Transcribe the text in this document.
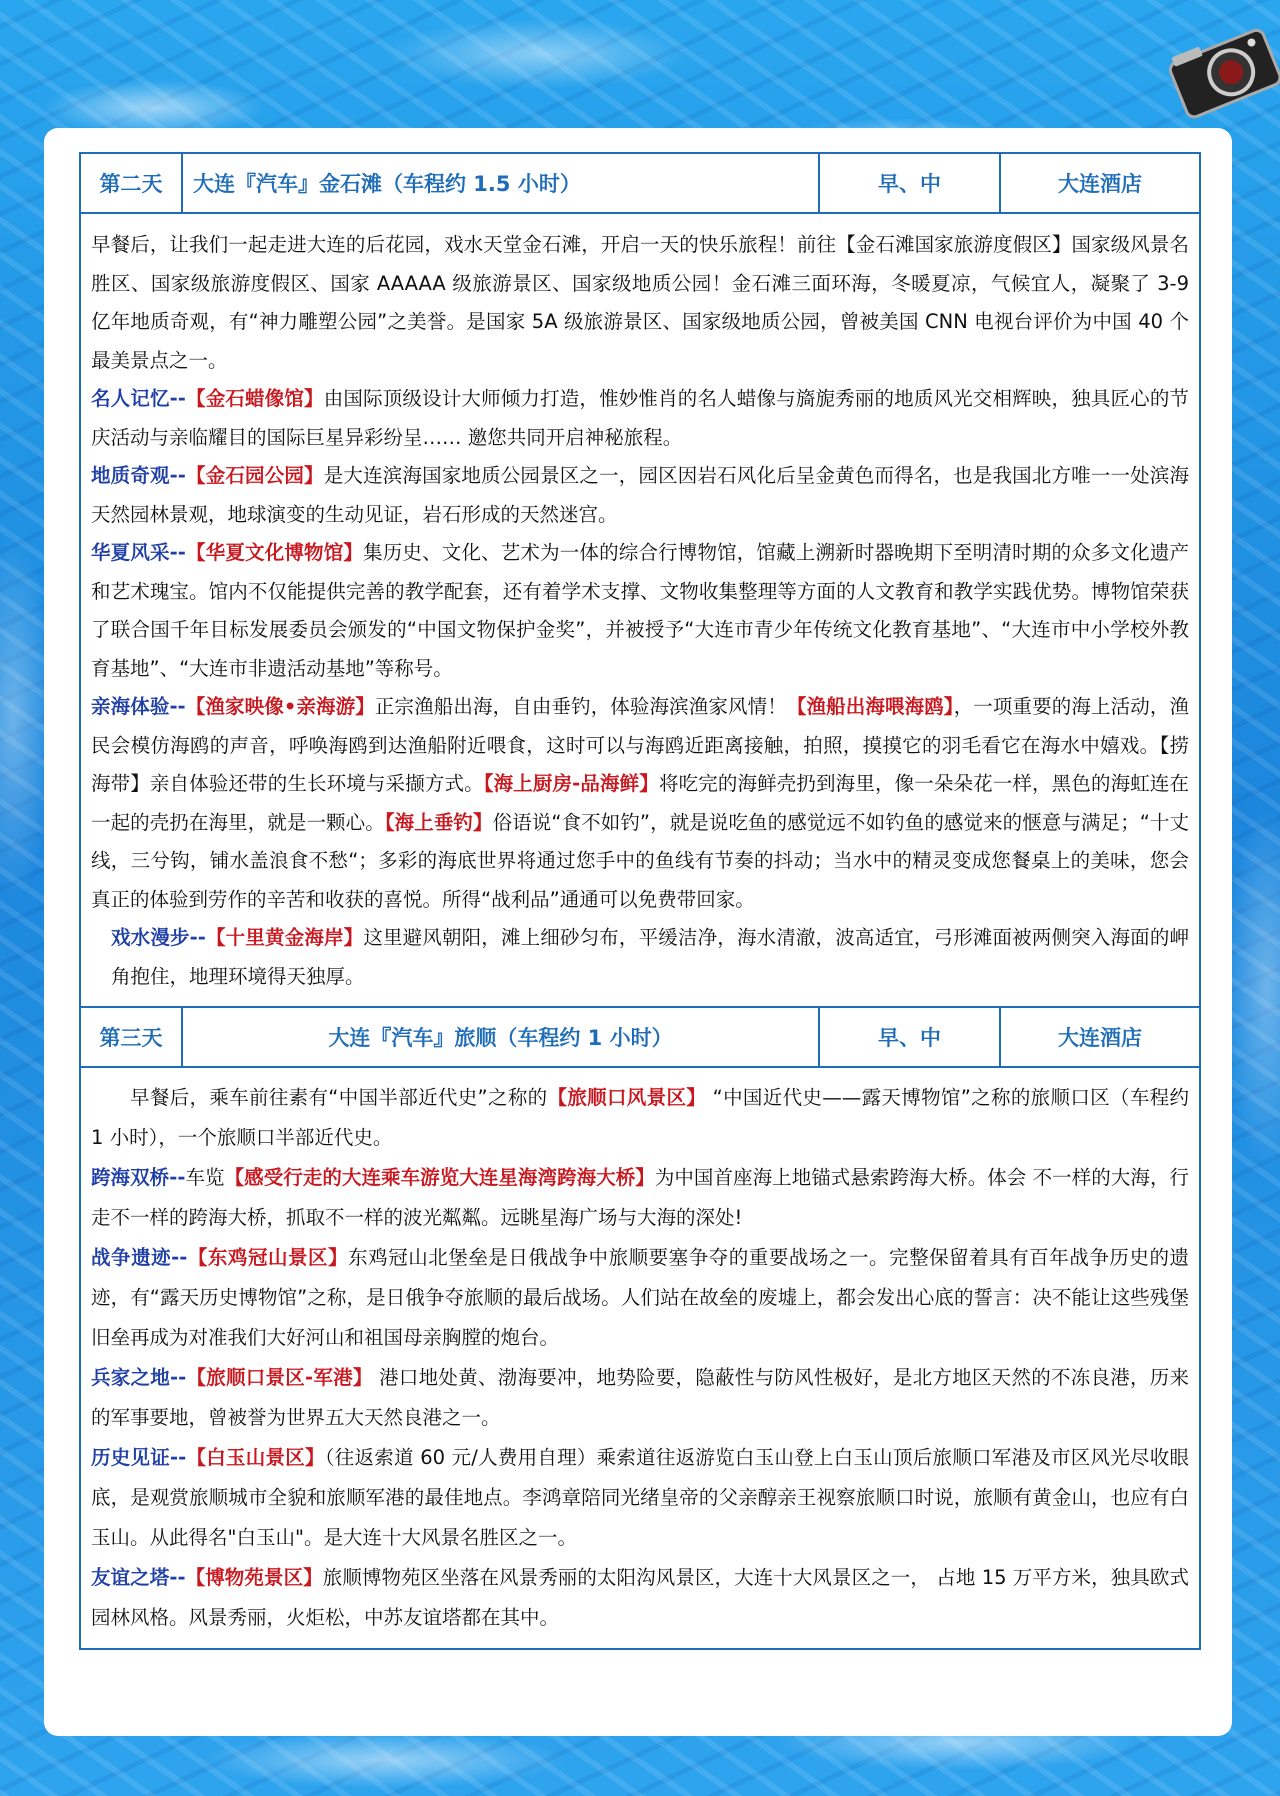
第二天	大连『汽车』金石滩（车程约 1.5 小时）	早、中	大连酒店

早餐后，让我们一起走进大连的后花园，戏水天堂金石滩，开启一天的快乐旅程！前往【金石滩国家旅游度假区】国家级风景名胜区、国家级旅游度假区、国家 AAAAA 级旅游景区、国家级地质公园！金石滩三面环海，冬暖夏凉，气候宜人，凝聚了 3-9 亿年地质奇观，有“神力雕塑公园”之美誉。是国家 5A 级旅游景区、国家级地质公园，曾被美国 CNN 电视台评价为中国 40 个最美景点之一。

名人记忆--【金石蜡像馆】由国际顶级设计大师倾力打造，惟妙惟肖的名人蜡像与旖旎秀丽的地质风光交相辉映，独具匠心的节庆活动与亲临耀目的国际巨星异彩纷呈…… 邀您共同开启神秘旅程。

地质奇观--【金石园公园】是大连滨海国家地质公园景区之一，园区因岩石风化后呈金黄色而得名，也是我国北方唯一一处滨海天然园林景观，地球演变的生动见证，岩石形成的天然迷宫。

华夏风采--【华夏文化博物馆】集历史、文化、艺术为一体的综合行博物馆，馆藏上溯新时器晚期下至明清时期的众多文化遗产和艺术瑰宝。馆内不仅能提供完善的教学配套，还有着学术支撑、文物收集整理等方面的人文教育和教学实践优势。博物馆荣获了联合国千年目标发展委员会颁发的“中国文物保护金奖”，并被授予“大连市青少年传统文化教育基地”、“大连市中小学校外教育基地”、“大连市非遗活动基地”等称号。

亲海体验--【渔家映像•亲海游】正宗渔船出海，自由垂钓，体验海滨渔家风情！【渔船出海喂海鸥】，一项重要的海上活动，渔民会模仿海鸥的声音，呼唤海鸥到达渔船附近喂食，这时可以与海鸥近距离接触，拍照，摸摸它的羽毛看它在海水中嬉戏。【捞海带】亲自体验还带的生长环境与采撷方式。【海上厨房-品海鲜】将吃完的海鲜壳扔到海里，像一朵朵花一样，黑色的海虹连在一起的壳扔在海里，就是一颗心。【海上垂钓】俗语说“食不如钓”，就是说吃鱼的感觉远不如钓鱼的感觉来的惬意与满足；“十丈线，三兮钩，铺水盖浪食不愁“；多彩的海底世界将通过您手中的鱼线有节奏的抖动；当水中的精灵变成您餐桌上的美味，您会真正的体验到劳作的辛苦和收获的喜悦。所得“战利品”通通可以免费带回家。

戏水漫步--【十里黄金海岸】这里避风朝阳，滩上细砂匀布，平缓洁净，海水清澈，波高适宜，弓形滩面被两侧突入海面的岬角抱住，地理环境得天独厚。

第三天	大连『汽车』旅顺（车程约 1 小时）	早、中	大连酒店

早餐后，乘车前往素有“中国半部近代史”之称的【旅顺口风景区】 “中国近代史——露天博物馆”之称的旅顺口区（车程约 1 小时），一个旅顺口半部近代史。

跨海双桥--车览【感受行走的大连乘车游览大连星海湾跨海大桥】为中国首座海上地锚式悬索跨海大桥。体会 不一样的大海，行走不一样的跨海大桥，抓取不一样的波光粼粼。远眺星海广场与大海的深处!

战争遗迹--【东鸡冠山景区】东鸡冠山北堡垒是日俄战争中旅顺要塞争夺的重要战场之一。完整保留着具有百年战争历史的遗迹，有“露天历史博物馆”之称，是日俄争夺旅顺的最后战场。人们站在故垒的废墟上，都会发出心底的誓言：决不能让这些残堡旧垒再成为对准我们大好河山和祖国母亲胸膛的炮台。

兵家之地--【旅顺口景区-军港】 港口地处黄、渤海要冲，地势险要，隐蔽性与防风性极好，是北方地区天然的不冻良港，历来的军事要地，曾被誉为世界五大天然良港之一。

历史见证--【白玉山景区】（往返索道 60 元/人费用自理）乘索道往返游览白玉山登上白玉山顶后旅顺口军港及市区风光尽收眼底，是观赏旅顺城市全貌和旅顺军港的最佳地点。李鸿章陪同光绪皇帝的父亲醇亲王视察旅顺口时说，旅顺有黄金山，也应有白玉山。从此得名"白玉山"。是大连十大风景名胜区之一。

友谊之塔--【博物苑景区】旅顺博物苑区坐落在风景秀丽的太阳沟风景区，大连十大风景区之一， 占地 15 万平方米，独具欧式园林风格。风景秀丽，火炬松，中苏友谊塔都在其中。
